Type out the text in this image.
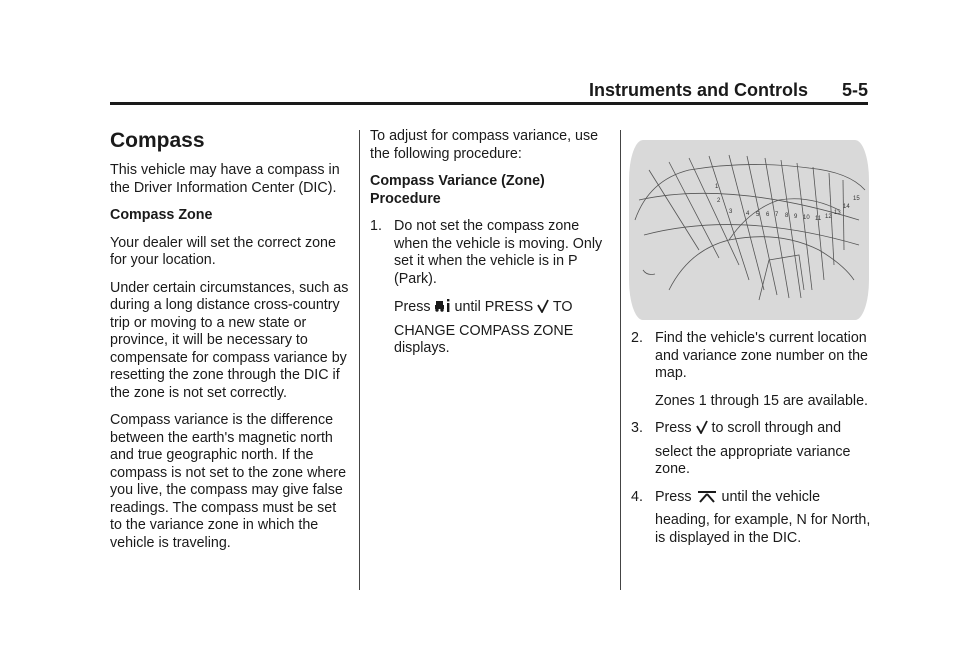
Instruments and Controls 5-5
Compass

This vehicle may have a compass in the Driver Information Center (DIC).

Compass Zone

Your dealer will set the correct zone for your location.

Under certain circumstances, such as during a long distance cross-country trip or moving to a new state or province, it will be necessary to compensate for compass variance by resetting the zone through the DIC if the zone is not set correctly.

Compass variance is the difference between the earth's magnetic north and true geographic north. If the compass is not set to the zone where you live, the compass may give false readings. The compass must be set to the variance zone in which the vehicle is traveling.

To adjust for compass variance, use the following procedure:

Compass Variance (Zone) Procedure

1. Do not set the compass zone when the vehicle is moving. Only set it when the vehicle is in P (Park).
Press until PRESS TO
CHANGE COMPASS ZONE displays.
1
2
3 4 5 6 7 8 9 10 11 12
13
14
15
2. Find the vehicle's current location and variance zone number on the map.

Zones 1 through 15 are available.

3. Press to scroll through and
select the appropriate variance zone.
4. Press until the vehicle
heading, for example, N for North, is displayed in the DIC.
